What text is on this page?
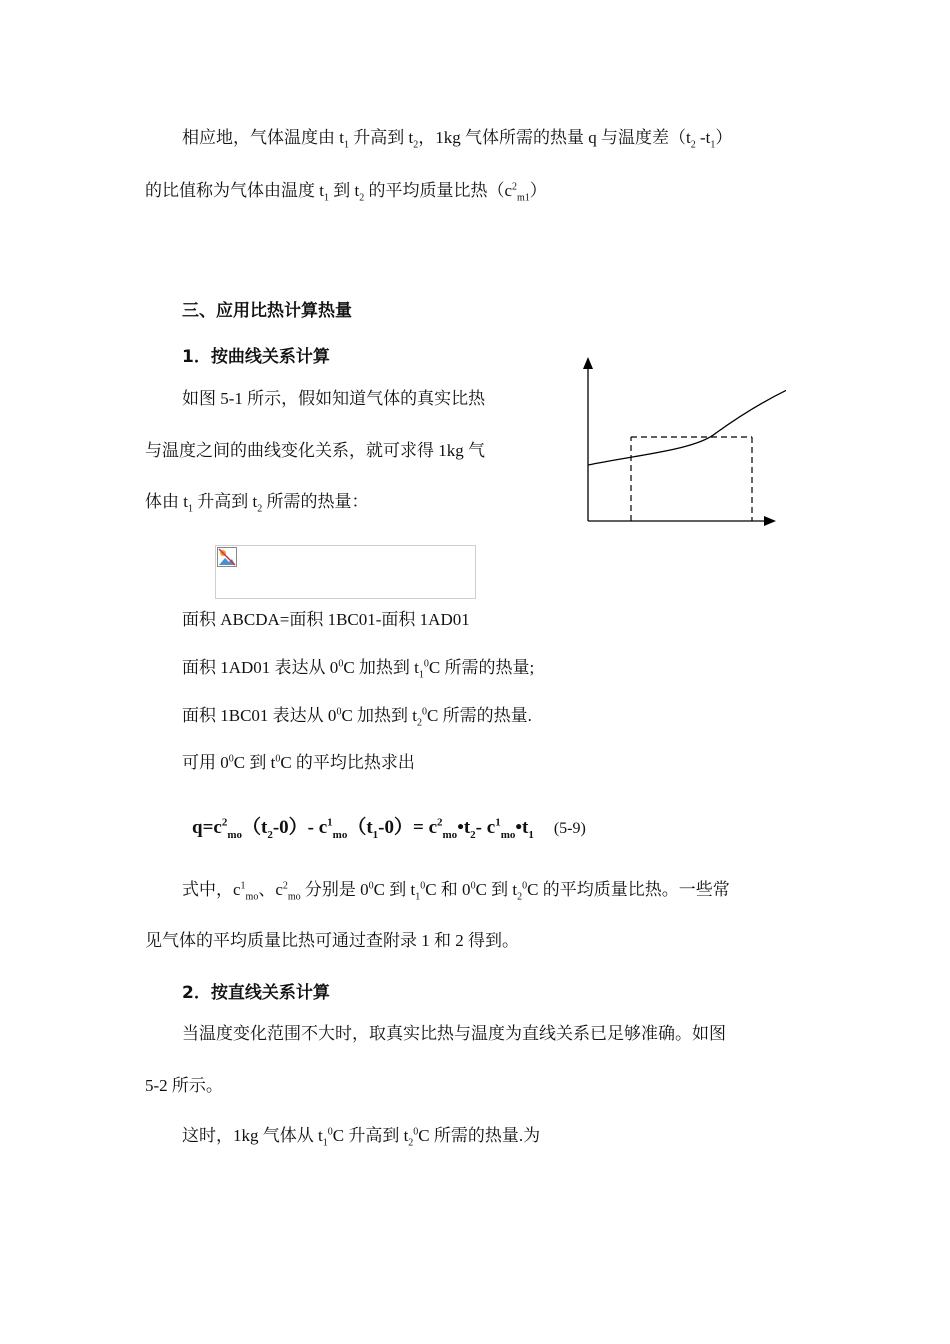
相应地，气体温度由 $t_1$ 升高到 $t_2$，1kg 气体所需的热量 q 与温度差（$t_2$ $-t_1$）
的比值称为气体由温度 $t_1$ 到 $t_2$ 的平均质量比热$(c^2_{m1})$
三、应用比热计算热量
1．按曲线关系计算
如图 5-1 所示，假如知道气体的真实比热
与温度之间的曲线变化关系，就可求得 1kg 气
体由 $t_1$ 升高到 $t_2$ 所需的热量：
面积 ABCDA=面积 1BC01-面积 1AD01
面积 1AD01 表达从 $0^0C$ 加热到 $t_1^0C$ 所需的热量;
面积 1BC01 表达从 $0^0C$ 加热到 $t_2^0C$ 所需的热量.
可用 $0^0C$ 到 $t^0C$ 的平均比热求出
$q=c^2_{mo}(t_2-0)-$ $c^1_{mo}(t_1-0)=$ $c^2_{mo}•t_2-$ $c^1_{mo}•t_1$ (5-9)
式中，$c^1_{mo}$、$c^2_{mo}$ 分别是 $0^0C$ 到 $t_1^0C$ 和 $0^0C$ 到 $t_2^0C$ 的平均质量比热。一些常
见气体的平均质量比热可通过查附录 1 和 2 得到。
2．按直线关系计算
当温度变化范围不大时，取真实比热与温度为直线关系已足够准确。如图
5-2 所示。
这时，1kg 气体从 $t_1^0C$ 升高到 $t_2^0C$ 所需的热量.为
